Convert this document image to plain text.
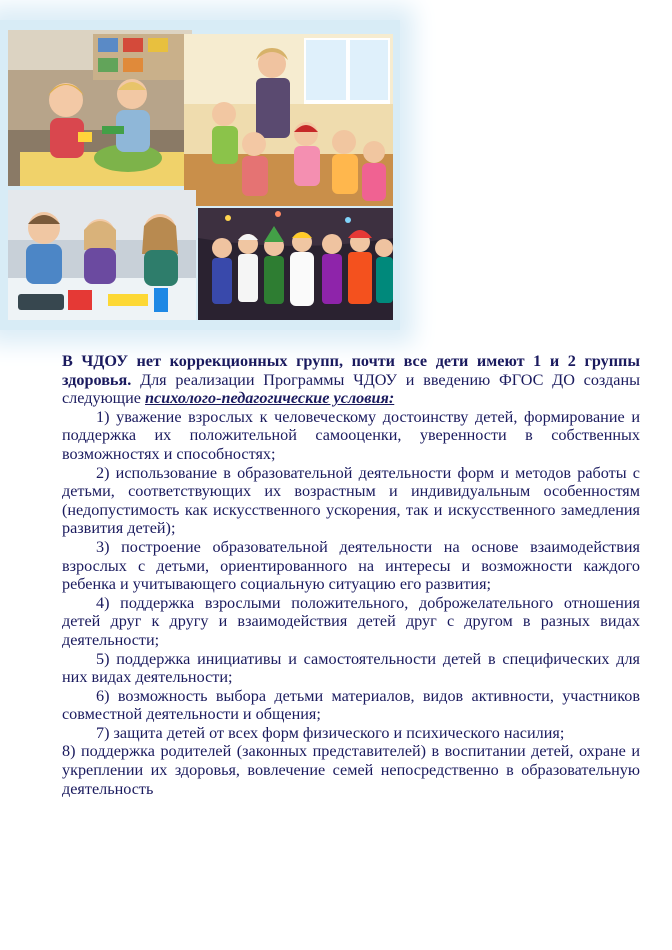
В ЧДОУ нет коррекционных групп, почти все дети имеют 1 и 2 группы здоровья. Для реализации Программы ЧДОУ и введению ФГОС ДО созданы следующие психолого-педагогические условия:

1) уважение взрослых к человеческому достоинству детей, формирование и поддержка их положительной самооценки, уверенности в собственных возможностях и способностях;

2) использование в образовательной деятельности форм и методов работы с детьми, соответствующих их возрастным и индивидуальным особенностям (недопустимость как искусственного ускорения, так и искусственного замедления развития детей);

3) построение образовательной деятельности на основе взаимодействия взрослых с детьми, ориентированного на интересы и возможности каждого ребенка и учитывающего социальную ситуацию его развития;

4) поддержка взрослыми положительного, доброжелательного отношения детей друг к другу и взаимодействия детей друг с другом в разных видах деятельности;

5) поддержка инициативы и самостоятельности детей в специфических для них видах деятельности;

6) возможность выбора детьми материалов, видов активности, участников совместной деятельности и общения;

7) защита детей от всех форм физического и психического насилия;

8) поддержка родителей (законных представителей) в воспитании детей, охране и укреплении их здоровья, вовлечение семей непосредственно в образовательную деятельность
